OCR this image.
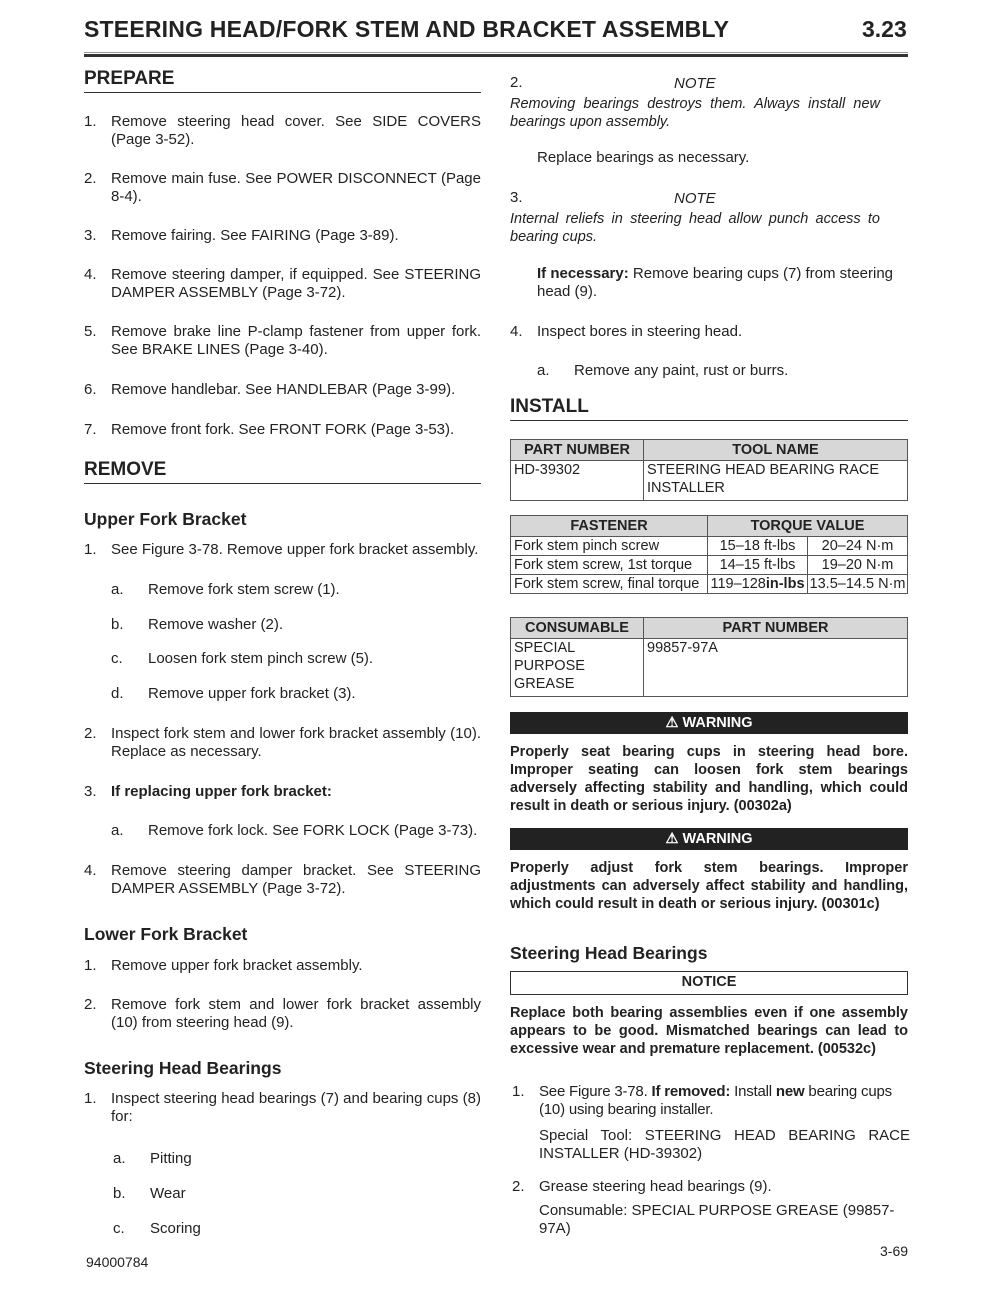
STEERING HEAD/FORK STEM AND BRACKET ASSEMBLY	3.23
PREPARE
1. Remove steering head cover. See SIDE COVERS (Page 3-52).
2. Remove main fuse. See POWER DISCONNECT (Page 8-4).
3. Remove fairing. See FAIRING (Page 3-89).
4. Remove steering damper, if equipped. See STEERING DAMPER ASSEMBLY (Page 3-72).
5. Remove brake line P-clamp fastener from upper fork. See BRAKE LINES (Page 3-40).
6. Remove handlebar. See HANDLEBAR (Page 3-99).
7. Remove front fork. See FRONT FORK (Page 3-53).
REMOVE
Upper Fork Bracket
1. See Figure 3-78. Remove upper fork bracket assembly.
a.	Remove fork stem screw (1).
b.	Remove washer (2).
c.	Loosen fork stem pinch screw (5).
d.	Remove upper fork bracket (3).
2. Inspect fork stem and lower fork bracket assembly (10). Replace as necessary.
3. If replacing upper fork bracket:
a.	Remove fork lock. See FORK LOCK (Page 3-73).
4. Remove steering damper bracket. See STEERING DAMPER ASSEMBLY (Page 3-72).
Lower Fork Bracket
1. Remove upper fork bracket assembly.
2. Remove fork stem and lower fork bracket assembly (10) from steering head (9).
Steering Head Bearings
1. Inspect steering head bearings (7) and bearing cups (8) for:
a.	Pitting
b.	Wear
c.	Scoring
94000784
2.	NOTE
Removing bearings destroys them. Always install new bearings upon assembly.
Replace bearings as necessary.
3.	NOTE
Internal reliefs in steering head allow punch access to bearing cups.
If necessary: Remove bearing cups (7) from steering head (9).
4. Inspect bores in steering head.
a.	Remove any paint, rust or burrs.
INSTALL
PART NUMBER	TOOL NAME
HD-39302	STEERING HEAD BEARING RACE INSTALLER
FASTENER	TORQUE VALUE	
Fork stem pinch screw	15–18 ft-lbs	20–24 N·m
Fork stem screw, 1st torque	14–15 ft-lbs	19–20 N·m
Fork stem screw, final torque	119–128in-lbs	13.5–14.5 N·m
CONSUMABLE	PART NUMBER
SPECIAL PURPOSE GREASE	99857-97A
⚠ WARNING
Properly seat bearing cups in steering head bore. Improper seating can loosen fork stem bearings adversely affecting stability and handling, which could result in death or serious injury. (00302a)
⚠ WARNING
Properly adjust fork stem bearings. Improper adjustments can adversely affect stability and handling, which could result in death or serious injury. (00301c)
Steering Head Bearings
NOTICE
Replace both bearing assemblies even if one assembly appears to be good. Mismatched bearings can lead to excessive wear and premature replacement. (00532c)
1. See Figure 3-78. If removed: Install new bearing cups (10) using bearing installer.
Special Tool: STEERING HEAD BEARING RACE INSTALLER (HD-39302)
2. Grease steering head bearings (9).
Consumable: SPECIAL PURPOSE GREASE (99857-97A)
3-69
